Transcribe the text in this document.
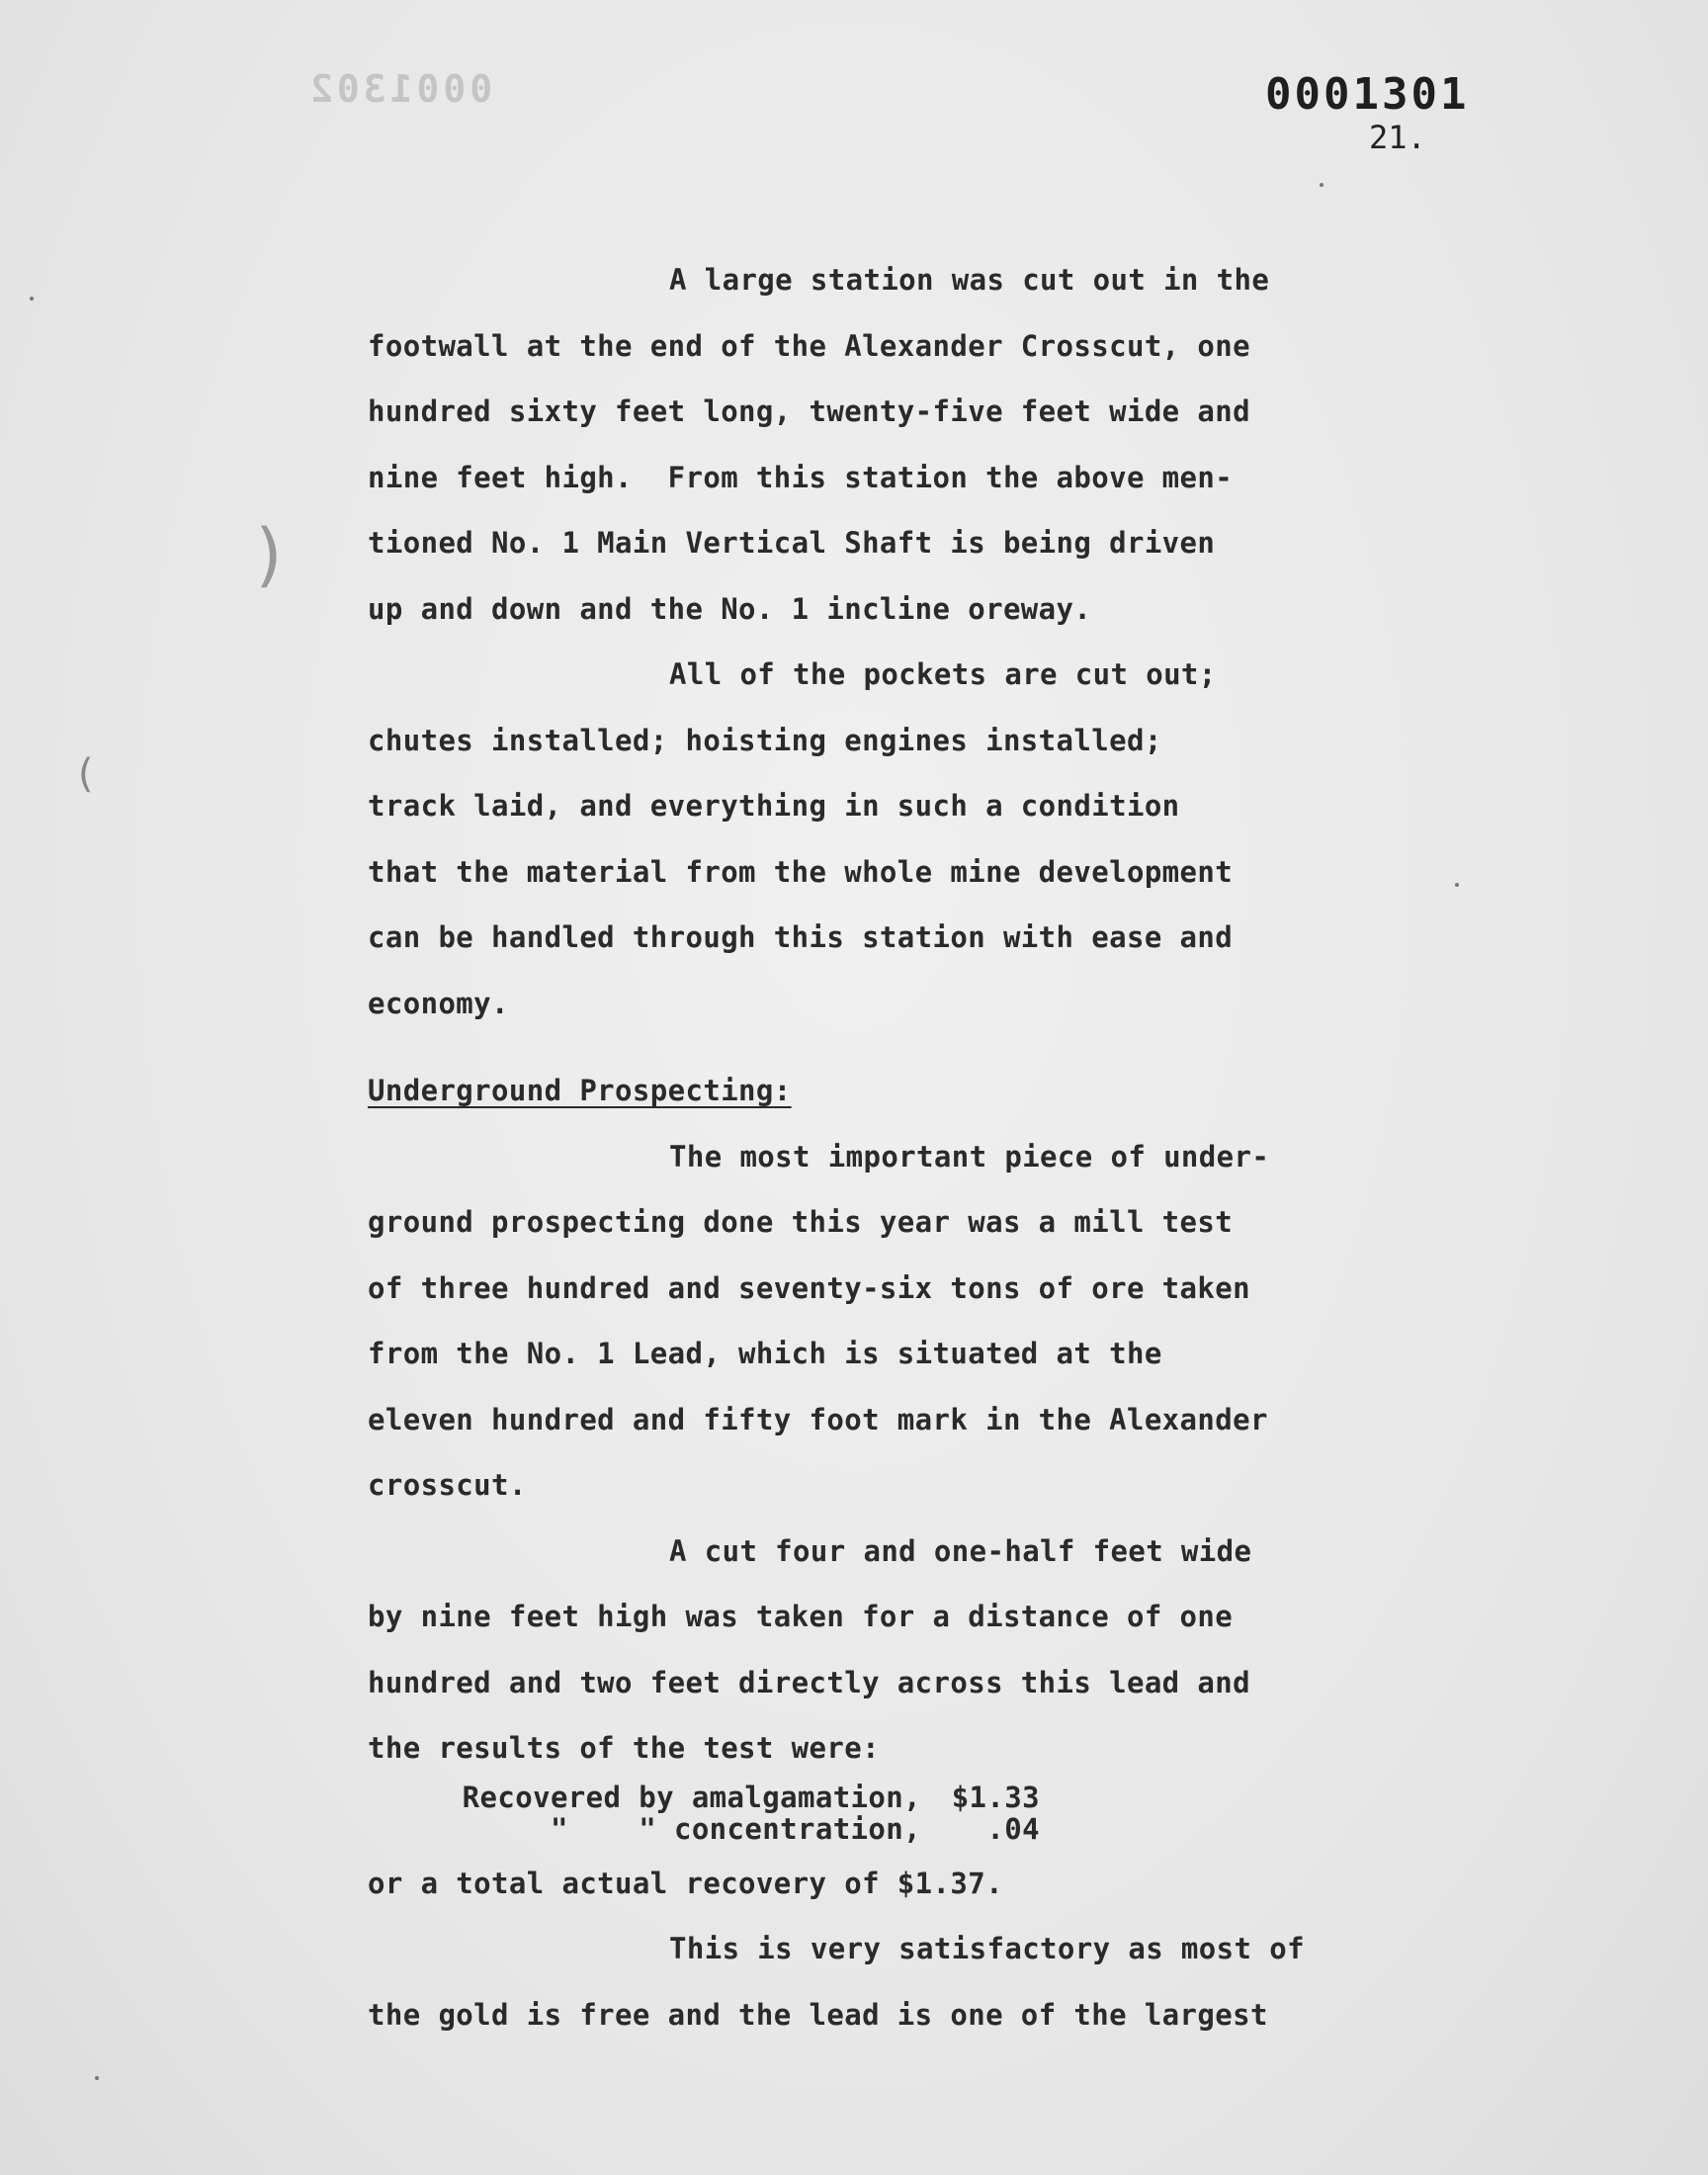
0001302	0001301
21.
(
)
A large station was cut out in the
footwall at the end of the Alexander Crosscut, one
hundred sixty feet long, twenty-five feet wide and
nine feet high.  From this station the above men-
tioned No. 1 Main Vertical Shaft is being driven
up and down and the No. 1 incline oreway.
All of the pockets are cut out;
chutes installed; hoisting engines installed;
track laid, and everything in such a condition
that the material from the whole mine development
can be handled through this station with ease and
economy.
Underground Prospecting:
The most important piece of under-
ground prospecting done this year was a mill test
of three hundred and seventy-six tons of ore taken
from the No. 1 Lead, which is situated at the
eleven hundred and fifty foot mark in the Alexander
crosscut.
A cut four and one-half feet wide
by nine feet high was taken for a distance of one
hundred and two feet directly across this lead and
the results of the test were:
Recovered by amalgamation,	$1.33
"    " concentration,	.04
or a total actual recovery of $1.37.
This is very satisfactory as most of
the gold is free and the lead is one of the largest
